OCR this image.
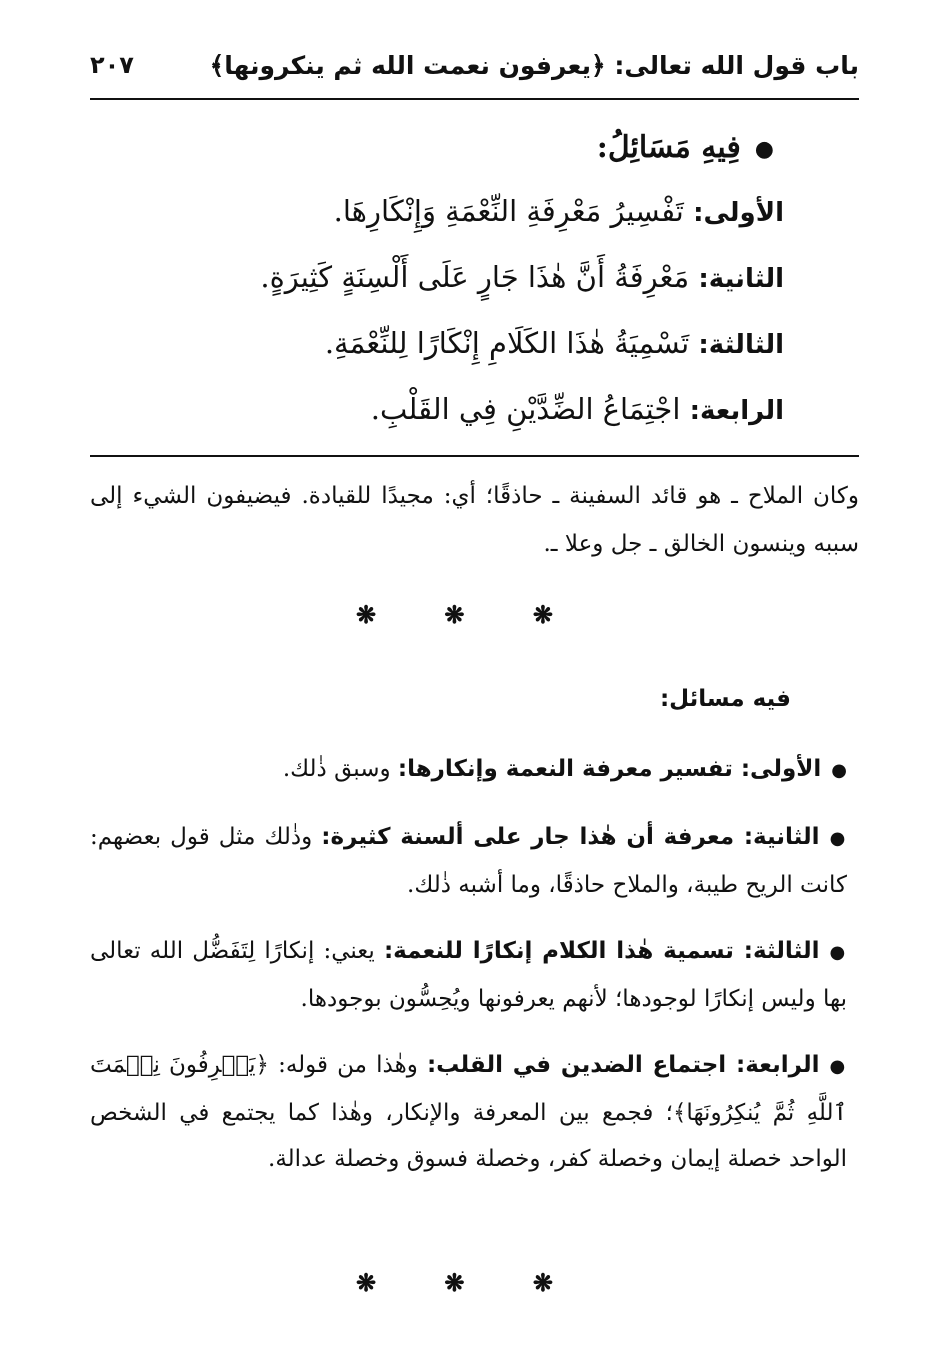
باب قول الله تعالى: ﴿يعرفون نعمت الله ثم ينكرونها﴾
٢٠٧
●فِيهِ مَسَائِلُ:
الأولى: تَفْسِيرُ مَعْرِفَةِ النِّعْمَةِ وَإِنْكَارِهَا.
الثانية: مَعْرِفَةُ أَنَّ هٰذَا جَارٍ عَلَى أَلْسِنَةٍ كَثِيرَةٍ.
الثالثة: تَسْمِيَةُ هٰذَا الكَلَامِ إِنْكَارًا لِلنِّعْمَةِ.
الرابعة: اجْتِمَاعُ الضِّدَّيْنِ فِي القَلْبِ.
وكان الملاح ـ هو قائد السفينة ـ حاذقًا؛ أي: مجيدًا للقيادة. فيضيفون الشيء إلى سببه وينسون الخالق ـ جل وعلا ـ.
❋ ❋ ❋
فيه مسائل:
●الأولى: تفسير معرفة النعمة وإنكارها: وسبق ذٰلك.
●الثانية: معرفة أن هٰذا جار على ألسنة كثيرة: وذٰلك مثل قول بعضهم: كانت الريح طيبة، والملاح حاذقًا، وما أشبه ذٰلك.
●الثالثة: تسمية هٰذا الكلام إنكارًا للنعمة: يعني: إنكارًا لِتَفَضُّل الله تعالى بها وليس إنكارًا لوجودها؛ لأنهم يعرفونها ويُحِسُّون بوجودها.
●الرابعة: اجتماع الضدين في القلب: وهٰذا من قوله: ﴿يَعۡرِفُونَ نِعۡمَتَ ٱللَّهِ ثُمَّ يُنكِرُونَهَا﴾؛ فجمع بين المعرفة والإنكار، وهٰذا كما يجتمع في الشخص الواحد خصلة إيمان وخصلة كفر، وخصلة فسوق وخصلة عدالة.
❋ ❋ ❋
